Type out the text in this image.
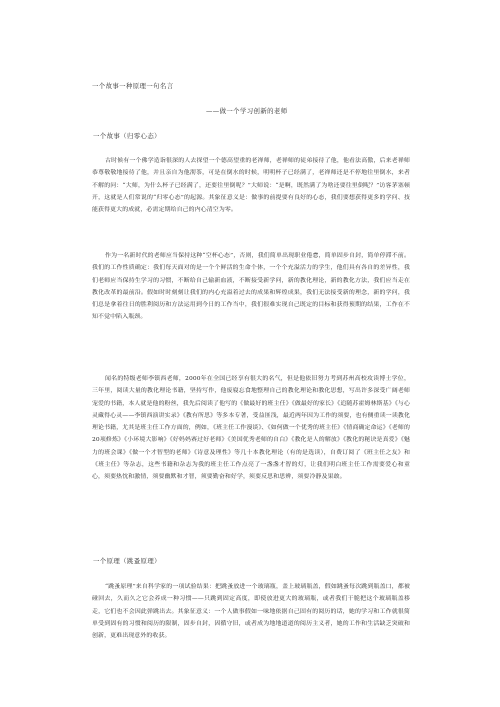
一个故事一种原理一句名言
——做一个学习创新的老师
一个故事（归零心态）

古时候有一个佛学造诣很深的人去探望一个德高望重的老禅师，老禅师的徒弟接待了他，他看法高傲，后来老禅师恭尊敬敬地接待了他，并且亲自为他沏茶，可是在倒水的时候，明明杯子已经满了，老禅师还是不停地往里倒水，来者不解的问：“大师，为什么杯子已经满了，还要往里倒呢？”大师说：“是啊，既然满了为啥还要往里倒呢？”访客茅塞顿开，这就是人们常说的“归零心态”的起源。其象征意义是：做事的前提要有良好的心态，我们要想获得更多的学问、技能获得更大的成就，必需定期给自己的内心清空为零。

作为一名新时代的老师应当保持这种“空杯心态”，否则，我们简单出现职业倦怠，简单固步自封，简单停滞不前。我们的工作性质确定：我们每天面对的是一个个鲜活的生命个体，一个个充溢活力的学生，他们具有各自的差异性，我们老师应当保持生学习的习惯，不断给自己输新血液，不断接受新学问，新的教化理论，新的教化方法，我们应当走在教化改革的最前沿。假如时时刻刻让我们的内心充溢着过去的成果和辉煌成果，我们无法接受新的理念，新的学问，我们总是拿着往日的胜利阅历和方法运用到今日的工作当中，我们很难实现自己既定的目标和获得预期的结果，工作在不知不觉中陷入瓶颈。

闻名的特级老师李镇西老师，2000年在全国已经享有很大的名气，但是他依旧努力考到苏州高校攻读博士学位，三年里，阅读大量的教化理论书籍，坚持写作，他废寝忘食地整理自己的教化理论和教化思想，写出许多深受广阔老师宠爱的书籍，本人就是他的粉丝，我先后阅读了他写的《做最好的班主任》《做最好的家长》《追随苏霍姆林斯基》《与心灵藏得心灵——李镇西演讲实录》《教有所思》等多本专著，受益匪浅，最近两年因为工作的须要，也有侧重读一读教化理论书籍，尤其是班主任工作方面的，例如，《班主任工作漫谈》、《如何做一个优秀的班主任》《情商确定命运》《老师的20项修炼》《小环境大影响》《好妈妈赛过好老师》《美国优秀老师的自白》《教化是人的解放》《教化的秘诀是真爱》《魅力的班会课》《做一个才智型的老师》《诗意及理性》等几十本教化理论（有的是选读），自费订阅了《班主任之友》和《班主任》等杂志，这些书籍和杂志为我的班主任工作点亮了一盏盏才智的灯，让我们明白班主任工作需要爱心和童心，须要热忱和激情，须要幽默和才智，须要勤奋和好学，须要反思和思辨，须要冷静及果敢。

一个原理（跳蚤原理）

“跳蚤原理”来自科学家的一项试验结果：把跳蚤放进一个玻璃瓶，盖上玻璃瓶盖，假如跳蚤每次跳到瓶盖口，都被碰回去，久而久之它会养成一种习惯——只跳到固定高度，即使放进更大的玻璃瓶，或者我们干脆把这个玻璃瓶盖移走，它们也不会因此弹跳出去。其象征意义：一个人做事假如一味地依据自己固有的阅历的话，她的学习和工作就很简单受到固有的习惯和阅历的限制，固步自封，因循守旧，或者成为地地道道的阅历主义者，她的工作和生活缺乏突破和创新，更难出现意外的收获。
